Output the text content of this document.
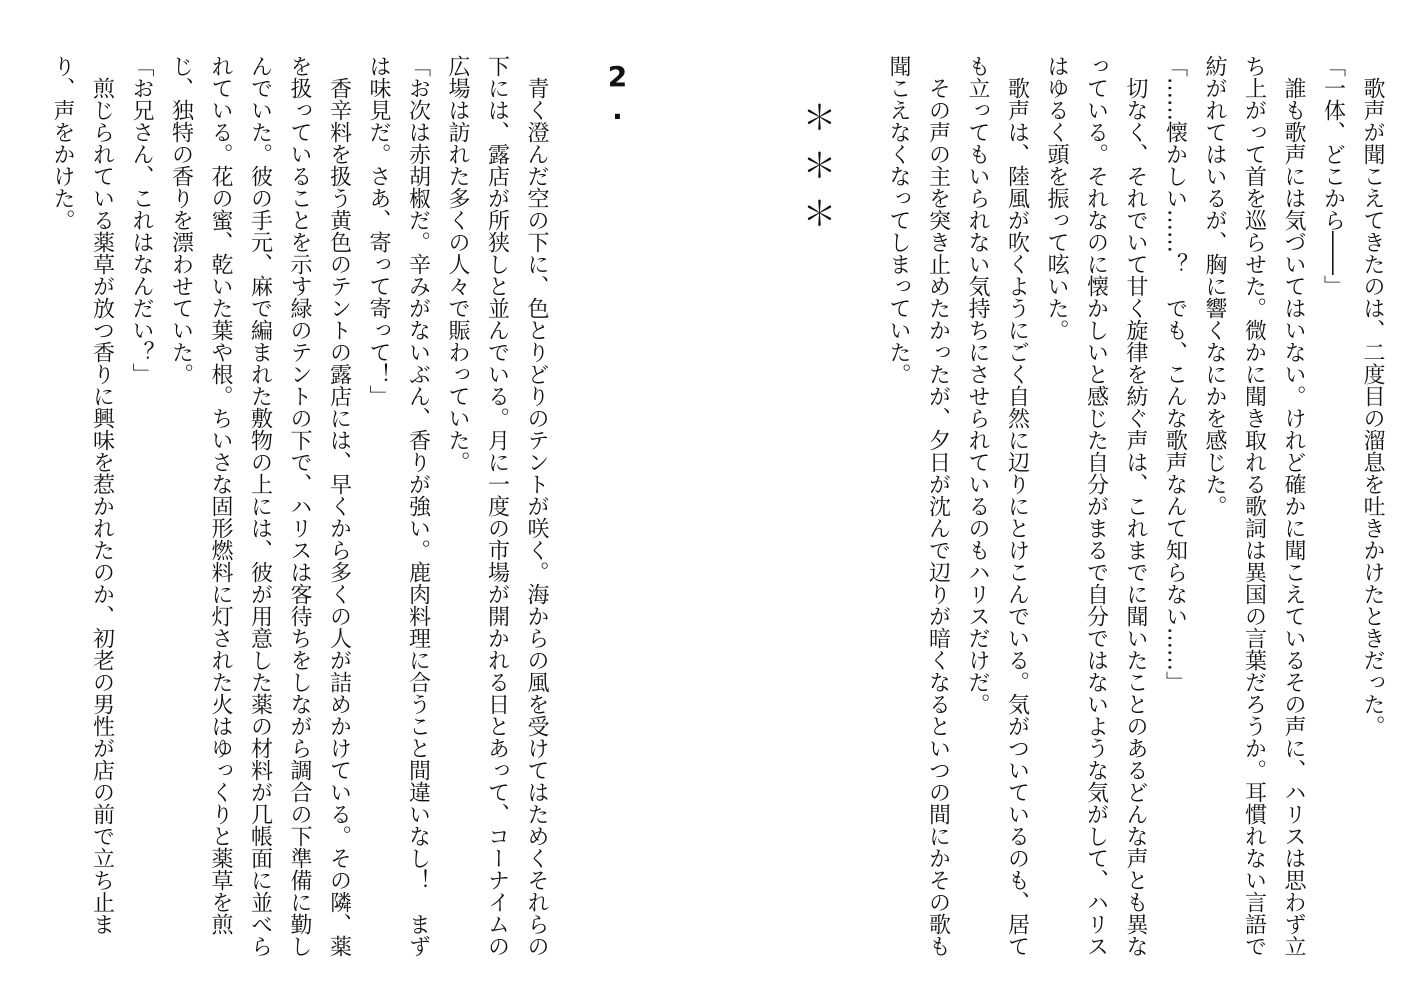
歌声が聞こえてきたのは、二度目の溜息を吐きかけたときだった。
「一体、どこから――」
誰も歌声には気づいてはいない。けれど確かに聞こえているその声に、ハリスは思わず立
ち上がって首を巡らせた。微かに聞き取れる歌詞は異国の言葉だろうか。耳慣れない言語で
紡がれてはいるが、胸に響くなにかを感じた。
「……懐かしい……？　でも、こんな歌声なんて知らない……」
切なく、それでいて甘く旋律を紡ぐ声は、これまでに聞いたことのあるどんな声とも異な
っている。それなのに懐かしいと感じた自分がまるで自分ではないような気がして、ハリス
はゆるく頭を振って呟いた。
歌声は、陸風が吹くようにごく自然に辺りにとけこんでいる。気がついているのも、居て
も立ってもいられない気持ちにさせられているのもハリスだけだ。
その声の主を突き止めたかったが、夕日が沈んで辺りが暗くなるといつの間にかその歌も
聞こえなくなってしまっていた。
＊＊＊
2.
青く澄んだ空の下に、色とりどりのテントが咲く。海からの風を受けてはためくそれらの
下には、露店が所狭しと並んでいる。月に一度の市場が開かれる日とあって、コーナイムの
広場は訪れた多くの人々で賑わっていた。
「お次は赤胡椒だ。辛みがないぶん、香りが強い。鹿肉料理に合うこと間違いなし！　まず
は味見だ。さあ、寄って寄って！」
香辛料を扱う黄色のテントの露店には、早くから多くの人が詰めかけている。その隣、薬
を扱っていることを示す緑のテントの下で、ハリスは客待ちをしながら調合の下準備に勤し
んでいた。彼の手元、麻で編まれた敷物の上には、彼が用意した薬の材料が几帳面に並べら
れている。花の蜜、乾いた葉や根。ちいさな固形燃料に灯された火はゆっくりと薬草を煎
じ、独特の香りを漂わせていた。
「お兄さん、これはなんだい？」
煎じられている薬草が放つ香りに興味を惹かれたのか、初老の男性が店の前で立ち止ま
り、声をかけた。
